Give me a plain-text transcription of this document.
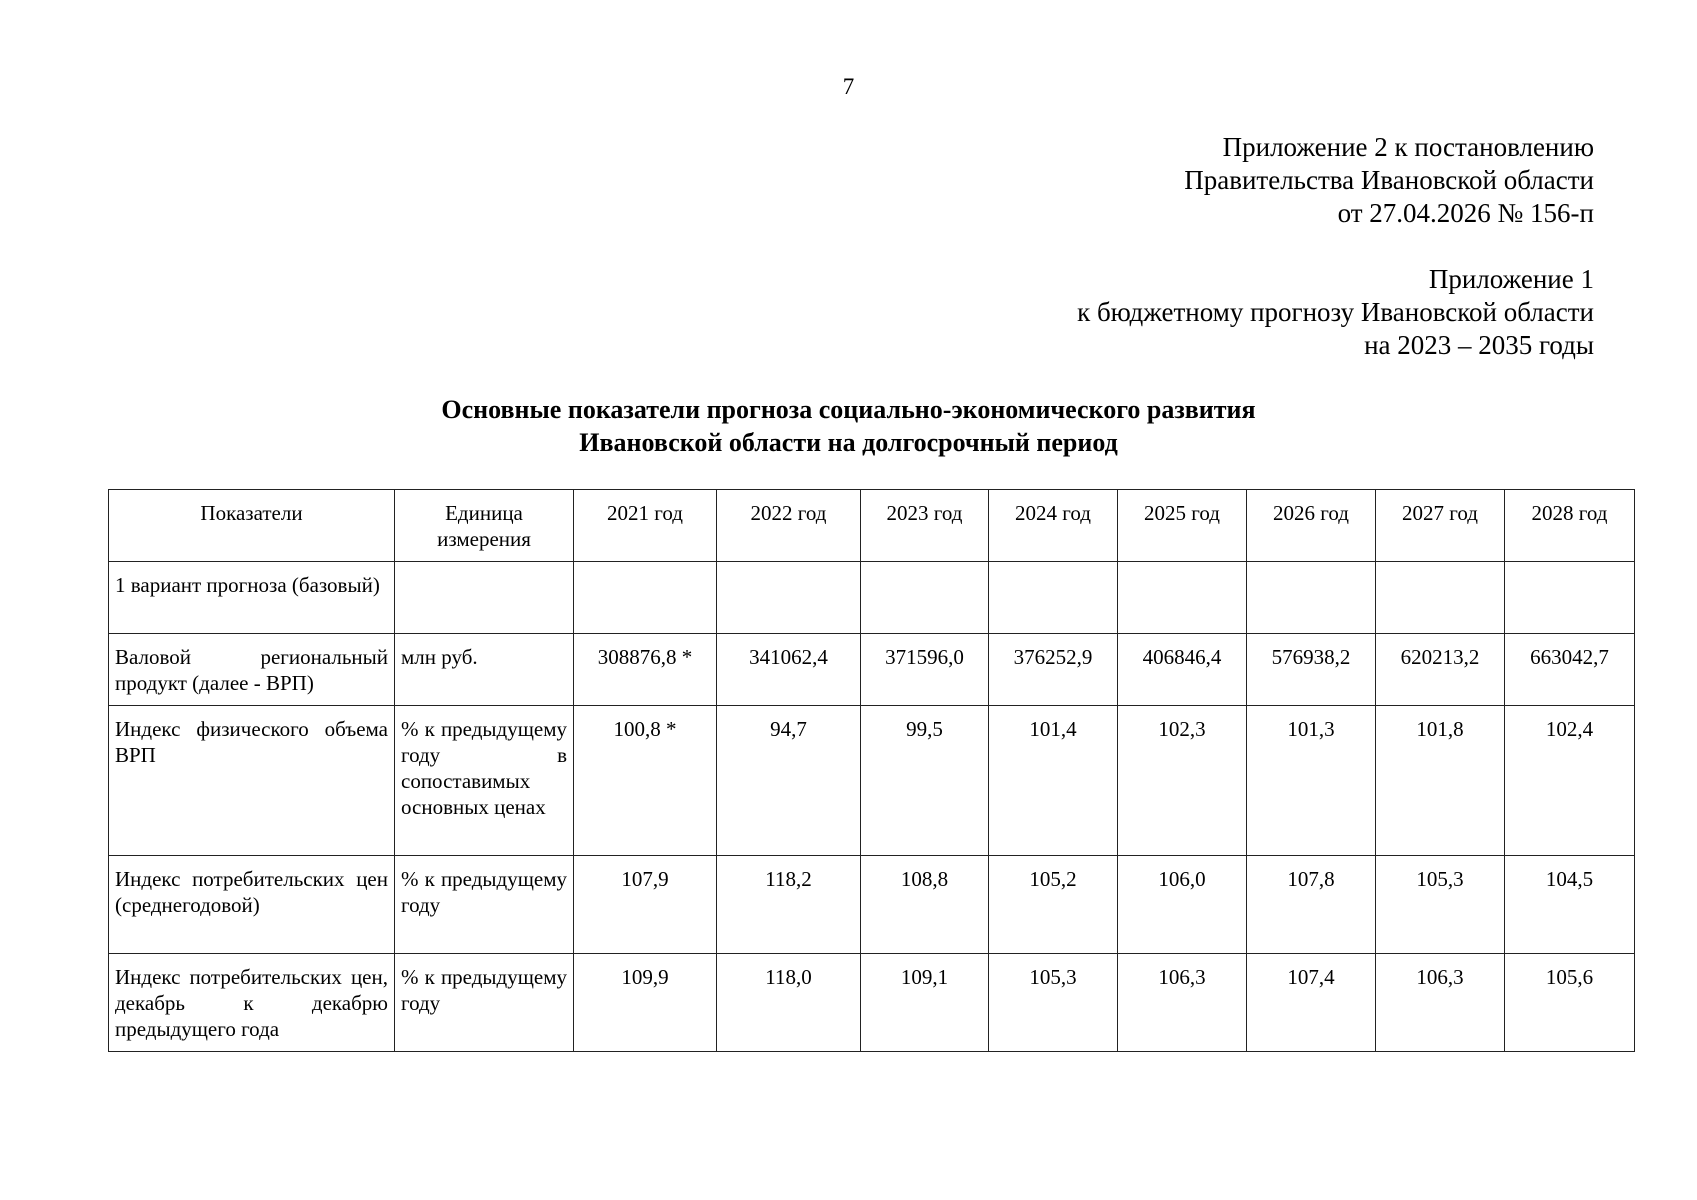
7
Приложение 2 к постановлению
Правительства Ивановской области
от 27.04.2026 № 156-п
Приложение 1
к бюджетному прогнозу Ивановской области
на 2023 – 2035 годы
Основные показатели прогноза социально-экономического развития
Ивановской области на долгосрочный период
Показатели	Единица измерения	2021 год	2022 год	2023 год	2024 год	2025 год	2026 год	2027 год	2028 год
1 вариант прогноза (базовый)									
Валовой региональный продукт (далее - ВРП)	млн руб.	308876,8 *	341062,4	371596,0	376252,9	406846,4	576938,2	620213,2	663042,7
Индекс физического объема ВРП	% к предыдущему году в сопоставимых основных ценах	100,8 *	94,7	99,5	101,4	102,3	101,3	101,8	102,4
Индекс потребительских цен (среднегодовой)	% к предыдущему году	107,9	118,2	108,8	105,2	106,0	107,8	105,3	104,5
Индекс потребительских цен, декабрь к декабрю предыдущего года	% к предыдущему году	109,9	118,0	109,1	105,3	106,3	107,4	106,3	105,6
